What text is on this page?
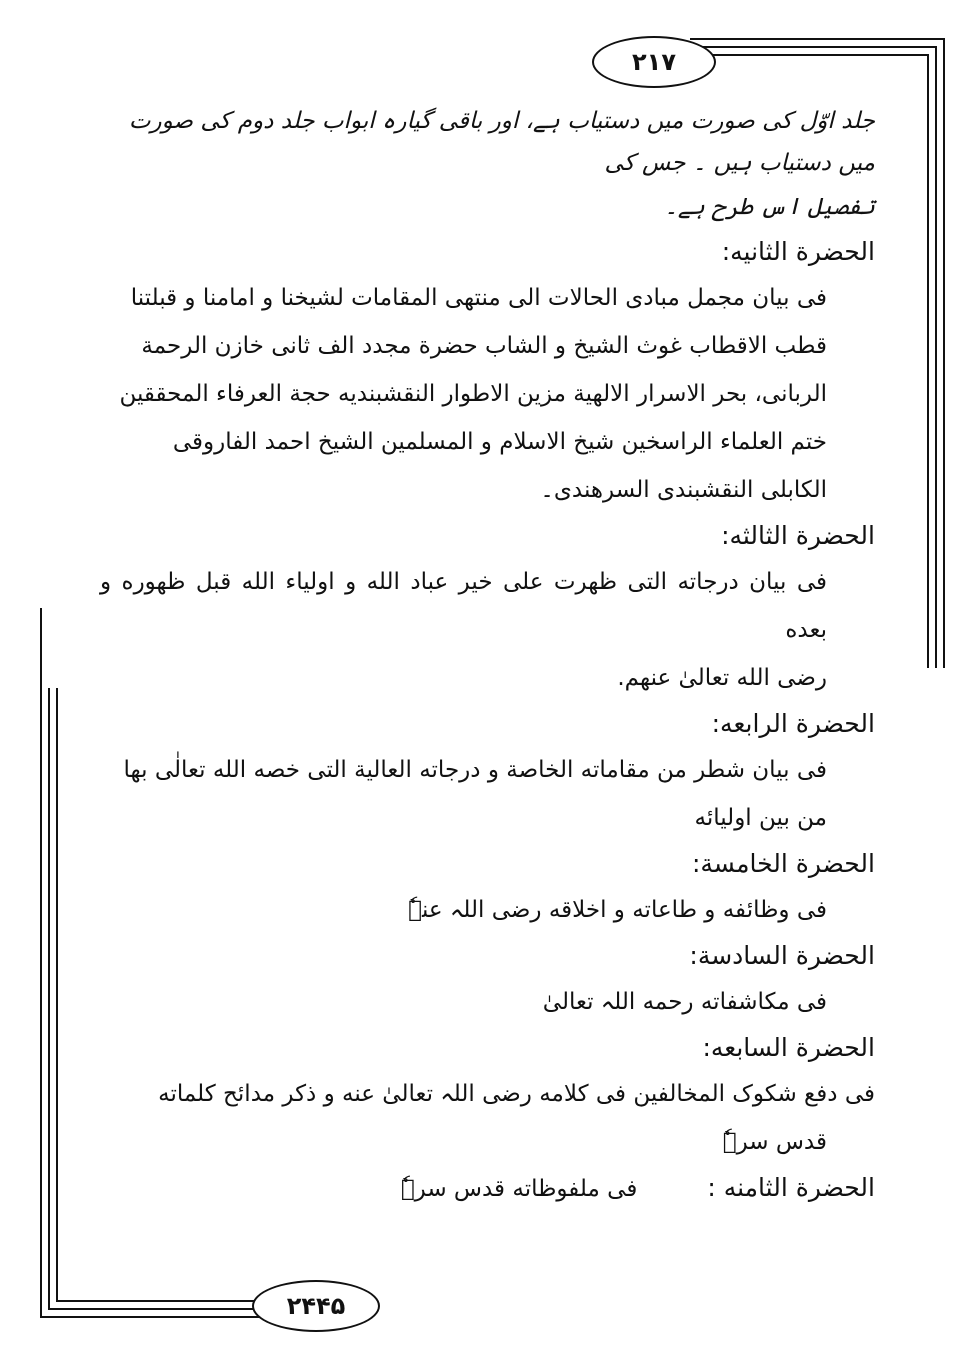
۲۱۷
۲۴۴۵

جلد اوّل کی صورت میں دستیاب ہے، اور باقی گیارہ ابواب جلد دوم کی صورت میں دستیاب ہیں ۔ جس کی

تفصیل اس طرح ہے۔

الحضرة الثانيه:

فی بیان مجمل مبادی الحالات الی منتهی المقامات لشيخنا و امامنا و قبلتنا

قطب الاقطاب غوث الشيخ و الشاب حضرة مجدد الف ثانی خازن الرحمة

الربانی، بحر الاسرار الالهية مزين الاطوار النقشبنديه حجة العرفاء المحققين

ختم العلماء الراسخين شيخ الاسلام و المسلمين الشيخ احمد الفاروقی

الكابلی النقشبندی السرهندی۔

الحضرة الثالثه:

فی بیان درجاته التی ظهرت علی خیر عباد الله و اولیاء الله قبل ظهوره و بعده

رضی الله تعالیٰ عنهم.

الحضرة الرابعه:

فی بیان شطر من مقاماته الخاصة و درجاته العالية التی خصه الله تعالٰی بها

من بین اولیائه

الحضرة الخامسة:

فی وظائفه و طاعاته و اخلاقه رضی اللہ عنہٗ

الحضرة السادسة:

فی مکاشفاته رحمه اللہ تعالیٰ

الحضرة السابعه:

فی دفع شکوک المخالفين فی کلامه رضی اللہ تعالیٰ عنه و ذکر مدائح کلماته

قدس سرہٗ

الحضرة الثامنه :

فی ملفوظاته قدس سرہٗ
